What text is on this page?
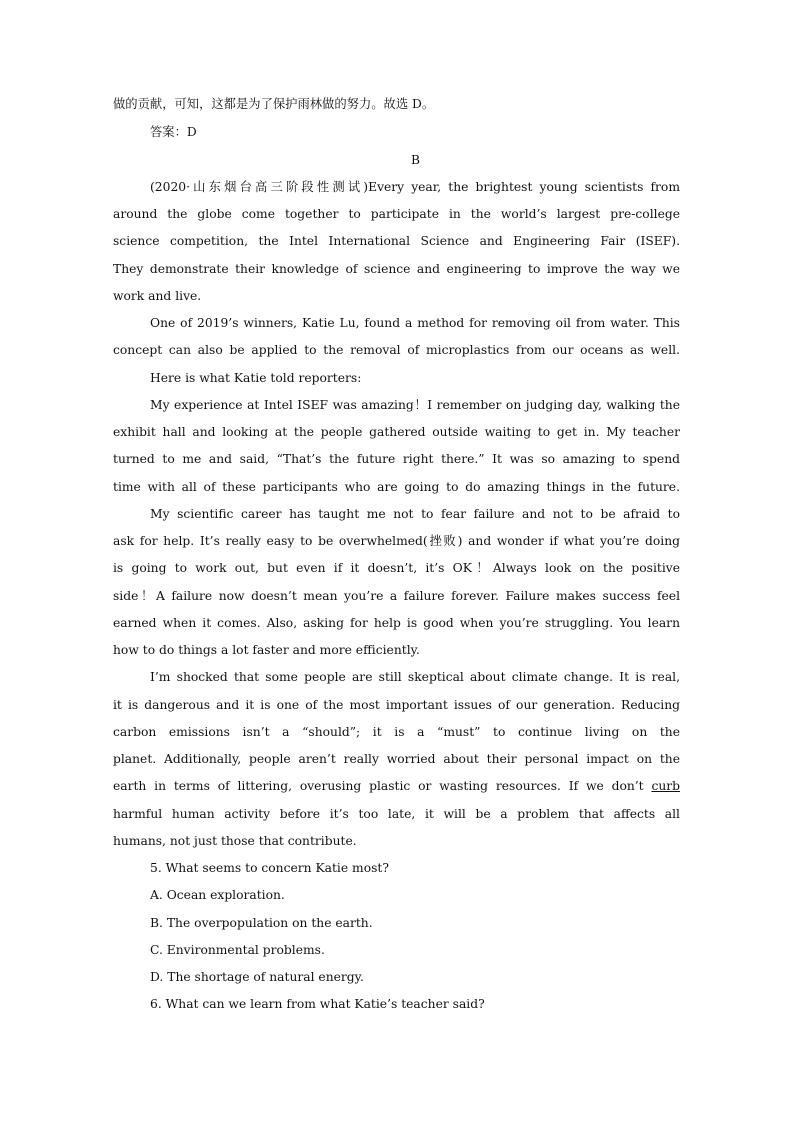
做的贡献，可知，这都是为了保护雨林做的努力。故选 D。

答案：D

B

(2020·山东烟台高三阶段性测试)Every year, the brightest young scientists from

around the globe come together to participate in the world’s largest pre-college

science competition, the Intel International Science and Engineering Fair (ISEF).

They demonstrate their knowledge of science and engineering to improve the way we

work and live.

One of 2019’s winners, Katie Lu, found a method for removing oil from water. This

concept can also be applied to the removal of microplastics from our oceans as well.

Here is what Katie told reporters:

My experience at Intel ISEF was amazing！I remember on judging day, walking the

exhibit hall and looking at the people gathered outside waiting to get in. My teacher

turned to me and said, “That’s the future right there.” It was so amazing to spend

time with all of these participants who are going to do amazing things in the future.

My scientific career has taught me not to fear failure and not to be afraid to

ask for help. It’s really easy to be overwhelmed(挫败) and wonder if what you’re doing

is going to work out, but even if it doesn’t, it’s OK！Always look on the positive

side！A failure now doesn’t mean you’re a failure forever. Failure makes success feel

earned when it comes. Also, asking for help is good when you’re struggling. You learn

how to do things a lot faster and more efficiently.

I’m shocked that some people are still skeptical about climate change. It is real,

it is dangerous and it is one of the most important issues of our generation. Reducing

carbon emissions isn’t a “should”; it is a “must” to continue living on the

planet. Additionally, people aren’t really worried about their personal impact on the

earth in terms of littering, overusing plastic or wasting resources. If we don’t curb

harmful human activity before it’s too late, it will be a problem that affects all

humans, not just those that contribute.

5. What seems to concern Katie most?

A. Ocean exploration.

B. The overpopulation on the earth.

C. Environmental problems.

D. The shortage of natural energy.

6. What can we learn from what Katie’s teacher said?
